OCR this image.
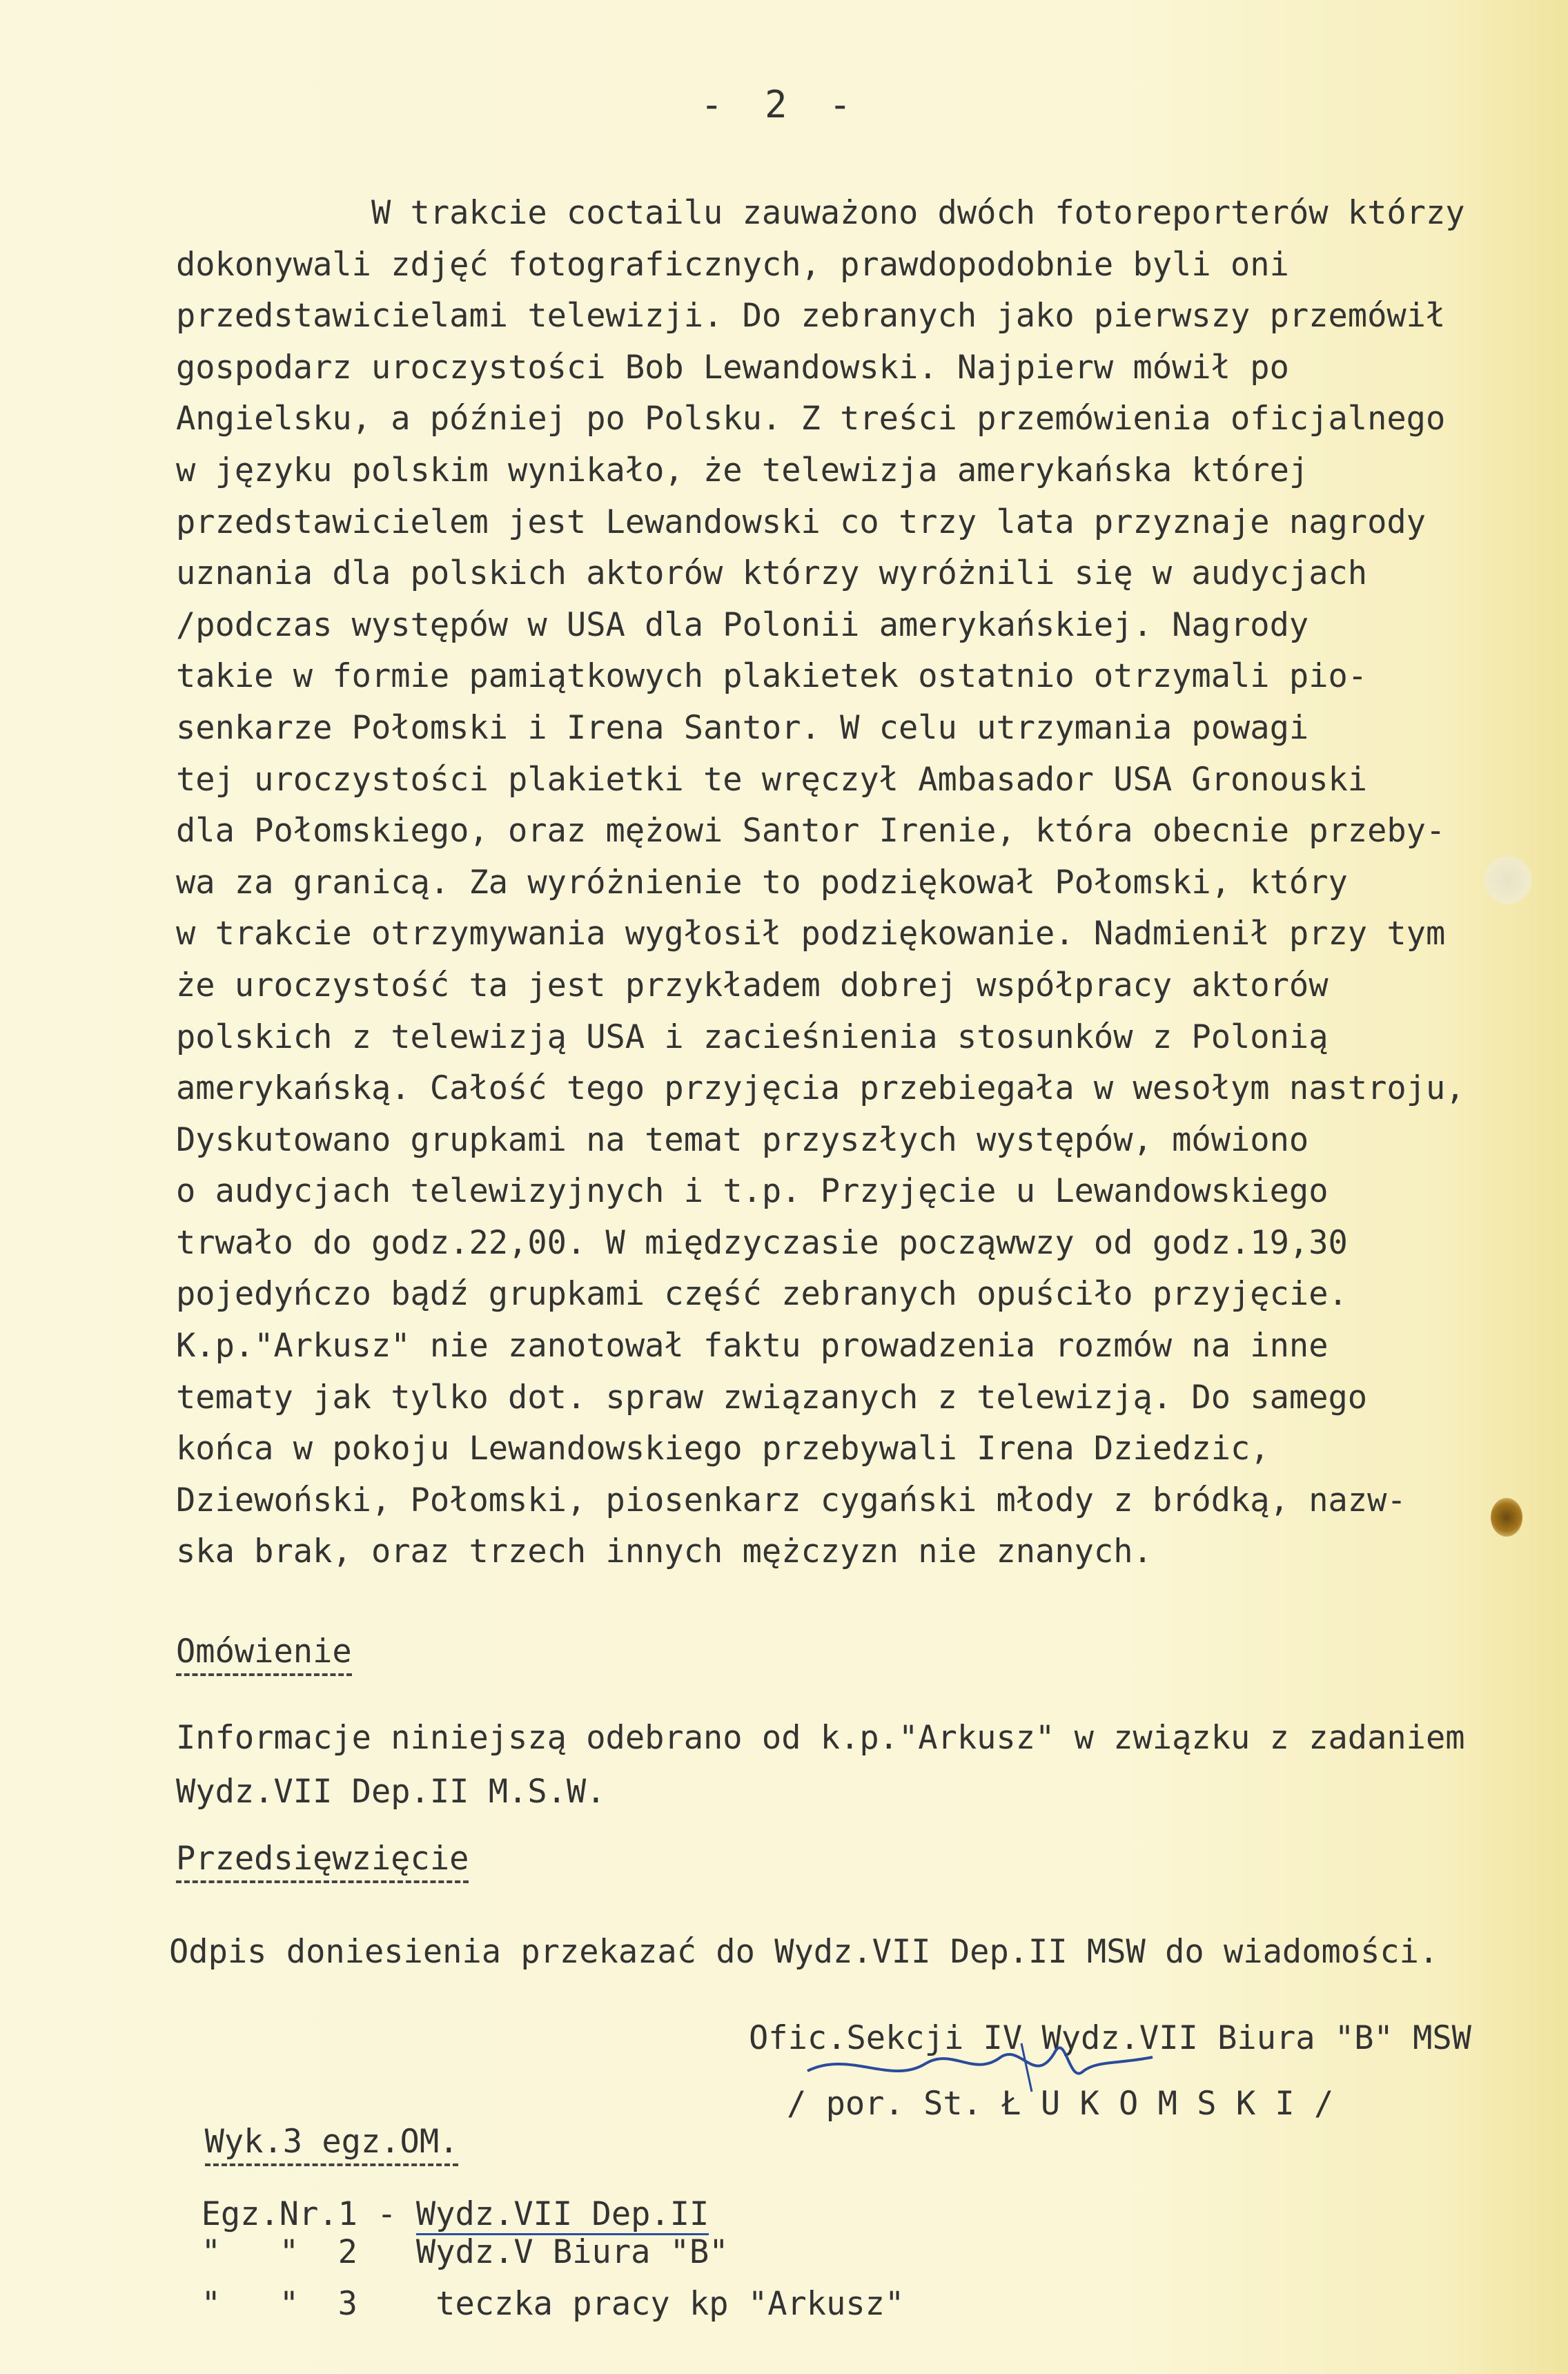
- 2 -
W trakcie coctailu zauważono dwóch fotoreporterów którzy
dokonywali zdjęć fotograficznych, prawdopodobnie byli oni
przedstawicielami telewizji. Do zebranych jako pierwszy przemówił
gospodarz uroczystości Bob Lewandowski. Najpierw mówił po
Angielsku, a później po Polsku. Z treści przemówienia oficjalnego
w języku polskim wynikało, że telewizja amerykańska której
przedstawicielem jest Lewandowski co trzy lata przyznaje nagrody
uznania dla polskich aktorów którzy wyróżnili się w audycjach
/podczas występów w USA dla Polonii amerykańskiej. Nagrody
takie w formie pamiątkowych plakietek ostatnio otrzymali pio-
senkarze Połomski i Irena Santor. W celu utrzymania powagi
tej uroczystości plakietki te wręczył Ambasador USA Gronouski
dla Połomskiego, oraz mężowi Santor Irenie, która obecnie przeby-
wa za granicą. Za wyróżnienie to podziękował Połomski, który
w trakcie otrzymywania wygłosił podziękowanie. Nadmienił przy tym
że uroczystość ta jest przykładem dobrej współpracy aktorów
polskich z telewizją USA i zacieśnienia stosunków z Polonią
amerykańską. Całość tego przyjęcia przebiegała w wesołym nastroju,
Dyskutowano grupkami na temat przyszłych występów, mówiono
o audycjach telewizyjnych i t.p. Przyjęcie u Lewandowskiego
trwało do godz.22,00. W międzyczasie począwwzy od godz.19,30
pojedyńczo bądź grupkami część zebranych opuściło przyjęcie.
K.p."Arkusz" nie zanotował faktu prowadzenia rozmów na inne
tematy jak tylko dot. spraw związanych z telewizją. Do samego
końca w pokoju Lewandowskiego przebywali Irena Dziedzic,
Dziewoński, Połomski, piosenkarz cygański młody z bródką, nazw-
ska brak, oraz trzech innych mężczyzn nie znanych.
Omówienie
Informacje niniejszą odebrano od k.p."Arkusz" w związku z zadaniem
Wydz.VII Dep.II M.S.W.
Przedsięwzięcie
Odpis doniesienia przekazać do Wydz.VII Dep.II MSW do wiadomości.
Ofic.Sekcji IV Wydz.VII Biura "B" MSW
/ por. St. Ł U K O M S K I /

Wyk.3 egz.OM.

Egz.Nr.1 - Wydz.VII Dep.II

"   "  2   Wydz.V Biura "B"

"   "  3    teczka pracy kp "Arkusz"
